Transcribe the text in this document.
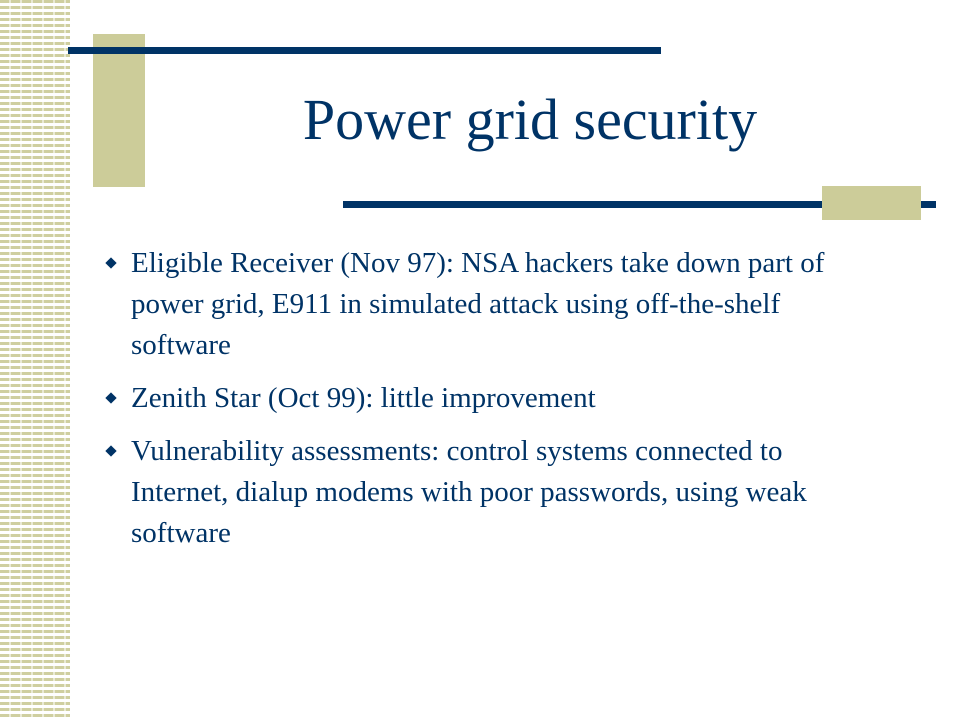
Power grid security
Eligible Receiver (Nov 97): NSA hackers take down part of power grid, E911 in simulated attack using off-the-shelf software
Zenith Star (Oct 99): little improvement
Vulnerability assessments: control systems connected to Internet, dialup modems with poor passwords, using weak software
